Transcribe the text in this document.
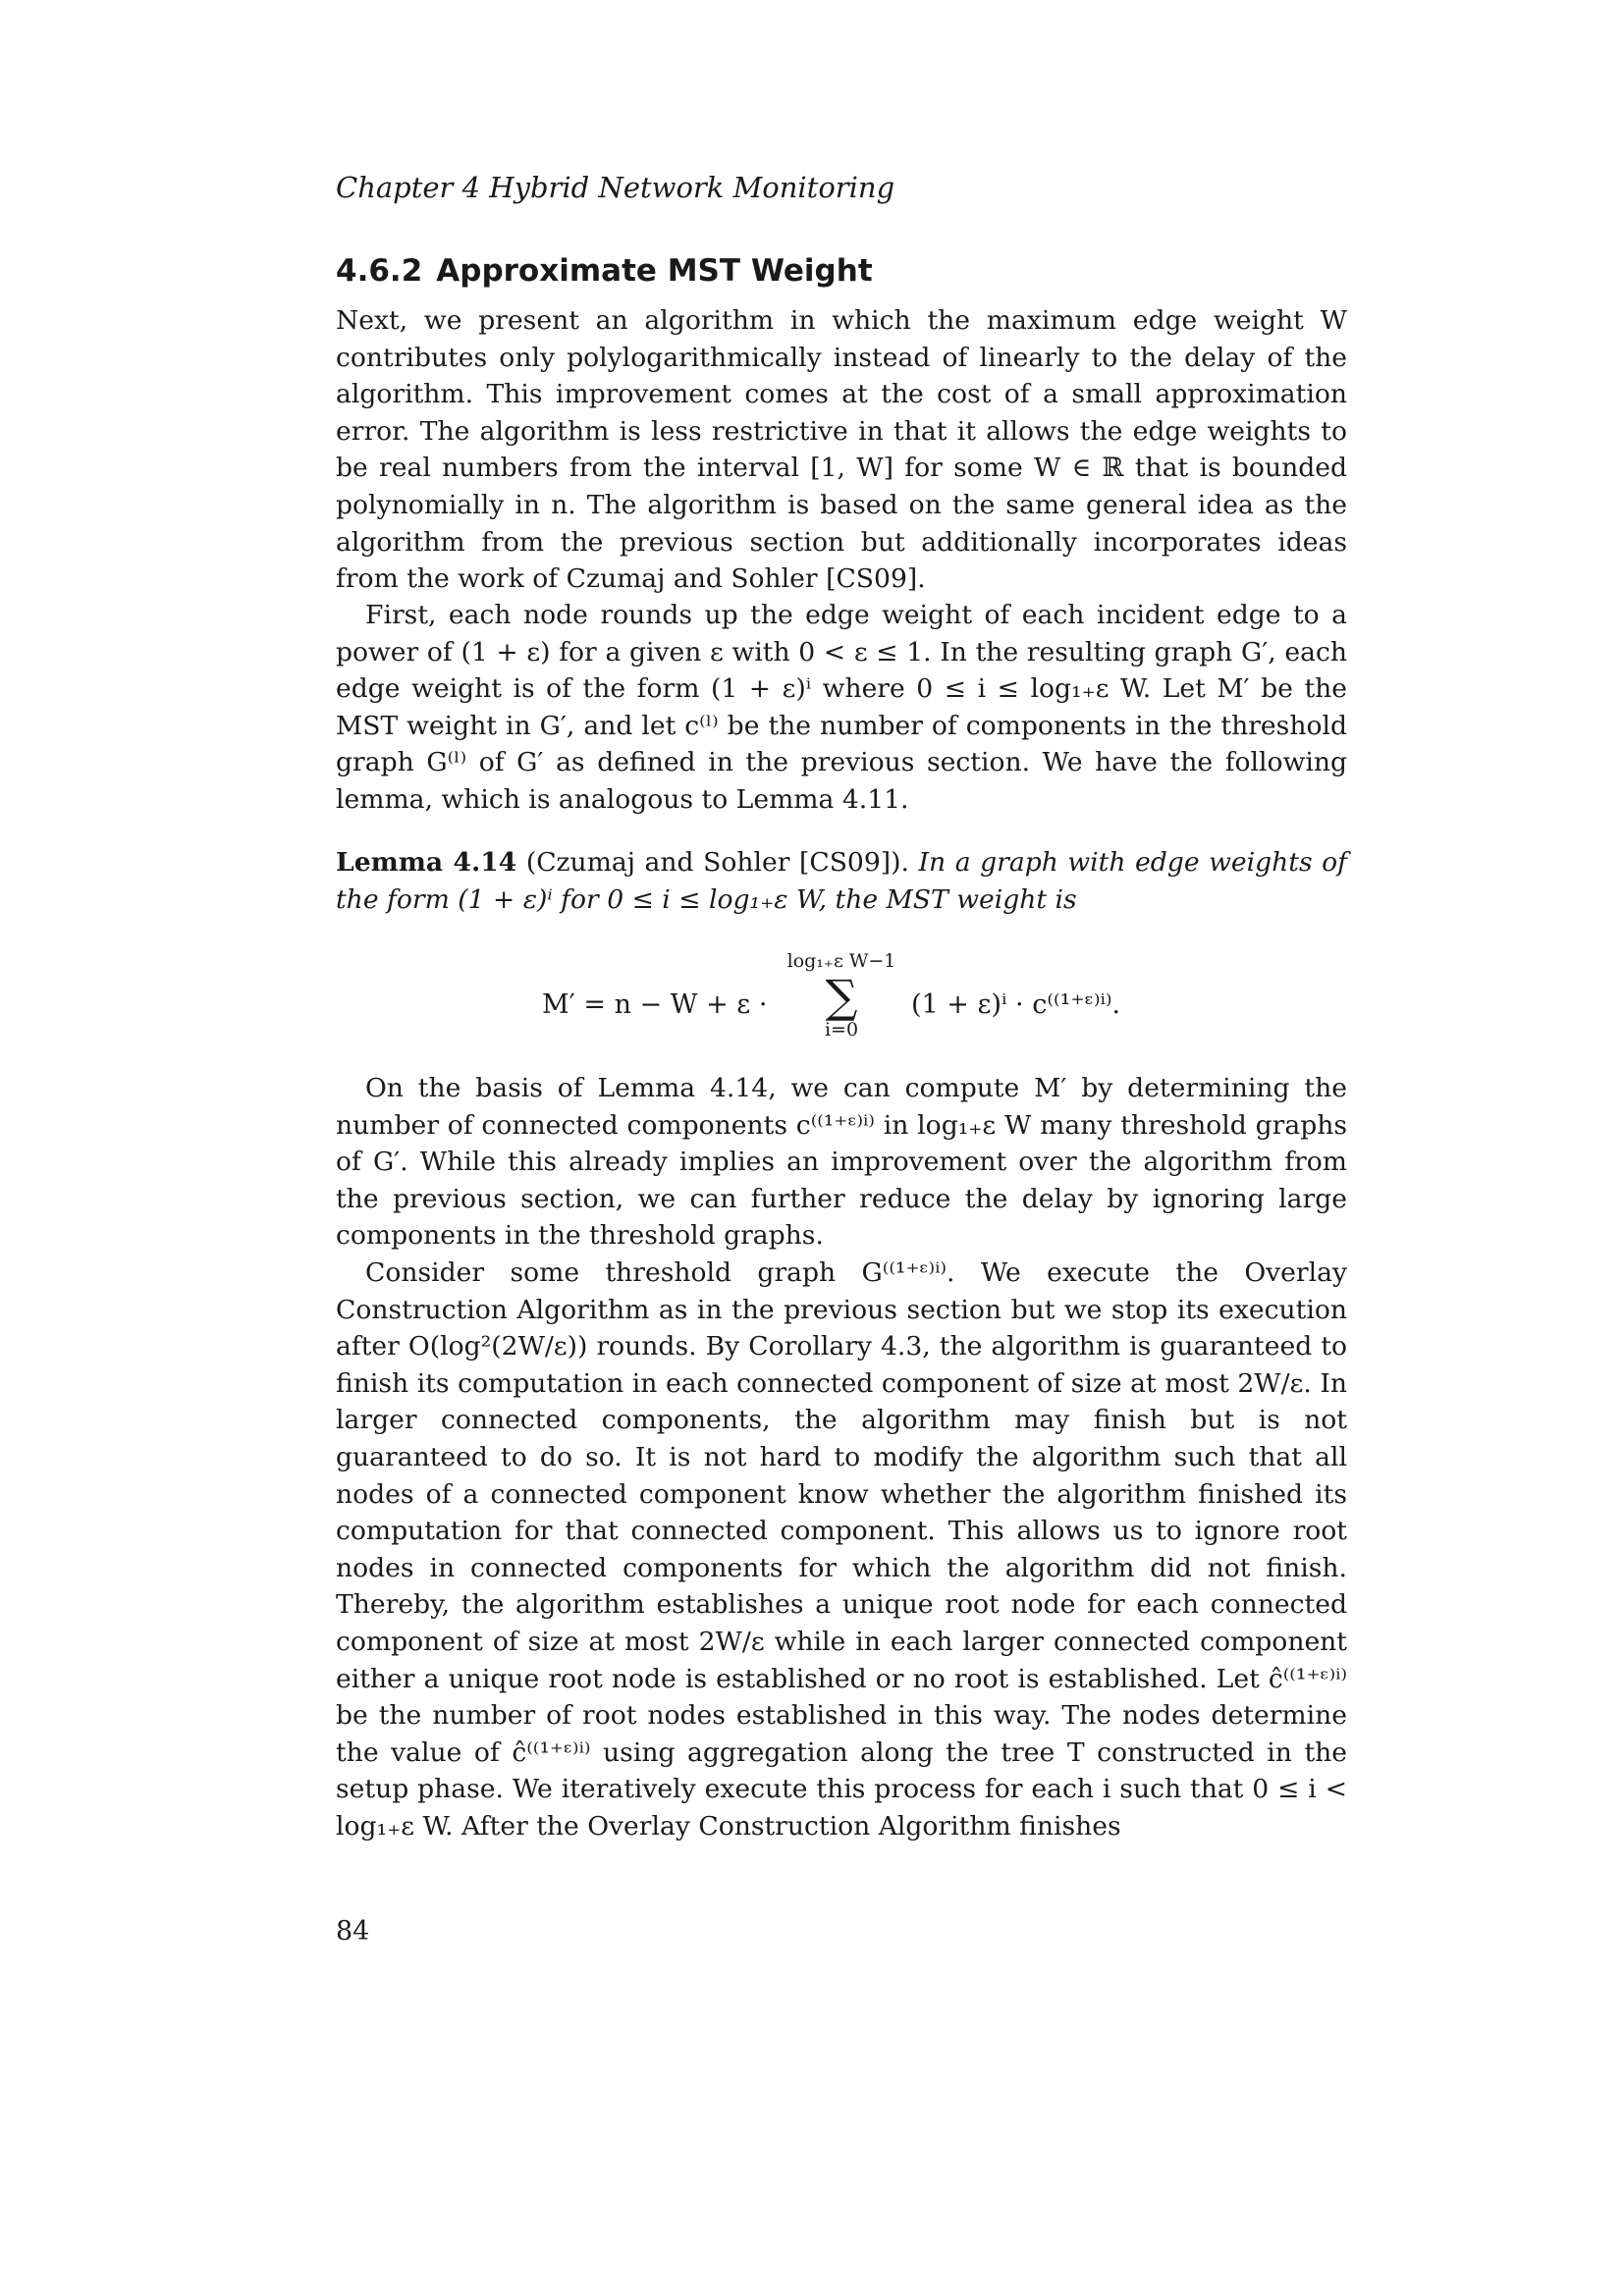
Chapter 4 Hybrid Network Monitoring
4.6.2 Approximate MST Weight

Next, we present an algorithm in which the maximum edge weight W contributes only polylogarithmically instead of linearly to the delay of the algorithm. This improvement comes at the cost of a small approximation error. The algorithm is less restrictive in that it allows the edge weights to be real numbers from the interval [1, W] for some W ∈ ℝ that is bounded polynomially in n. The algorithm is based on the same general idea as the algorithm from the previous section but additionally incorporates ideas from the work of Czumaj and Sohler [CS09].

First, each node rounds up the edge weight of each incident edge to a power of (1 + ε) for a given ε with 0 < ε ≤ 1. In the resulting graph G′, each edge weight is of the form (1 + ε)ⁱ where 0 ≤ i ≤ log₁₊ε W. Let M′ be the MST weight in G′, and let c⁽ˡ⁾ be the number of components in the threshold graph G⁽ˡ⁾ of G′ as defined in the previous section. We have the following lemma, which is analogous to Lemma 4.11.

Lemma 4.14 (Czumaj and Sohler [CS09]). In a graph with edge weights of the form (1 + ε)ⁱ for 0 ≤ i ≤ log₁₊ε W, the MST weight is

M′ = n − W + ε ·
log₁₊ε W−1
∑
i=0
(1 + ε)ⁱ · c⁽⁽¹⁺ᵋ⁾ⁱ⁾.

On the basis of Lemma 4.14, we can compute M′ by determining the number of connected components c⁽⁽¹⁺ᵋ⁾ⁱ⁾ in log₁₊ε W many threshold graphs of G′. While this already implies an improvement over the algorithm from the previous section, we can further reduce the delay by ignoring large components in the threshold graphs.

Consider some threshold graph G⁽⁽¹⁺ᵋ⁾ⁱ⁾. We execute the Overlay Construction Algorithm as in the previous section but we stop its execution after O(log²(2W/ε)) rounds. By Corollary 4.3, the algorithm is guaranteed to finish its computation in each connected component of size at most 2W/ε. In larger connected components, the algorithm may finish but is not guaranteed to do so. It is not hard to modify the algorithm such that all nodes of a connected component know whether the algorithm finished its computation for that connected component. This allows us to ignore root nodes in connected components for which the algorithm did not finish. Thereby, the algorithm establishes a unique root node for each connected component of size at most 2W/ε while in each larger connected component either a unique root node is established or no root is established. Let ĉ⁽⁽¹⁺ᵋ⁾ⁱ⁾ be the number of root nodes established in this way. The nodes determine the value of ĉ⁽⁽¹⁺ᵋ⁾ⁱ⁾ using aggregation along the tree T constructed in the setup phase. We iteratively execute this process for each i such that 0 ≤ i < log₁₊ε W. After the Overlay Construction Algorithm finishes

84
